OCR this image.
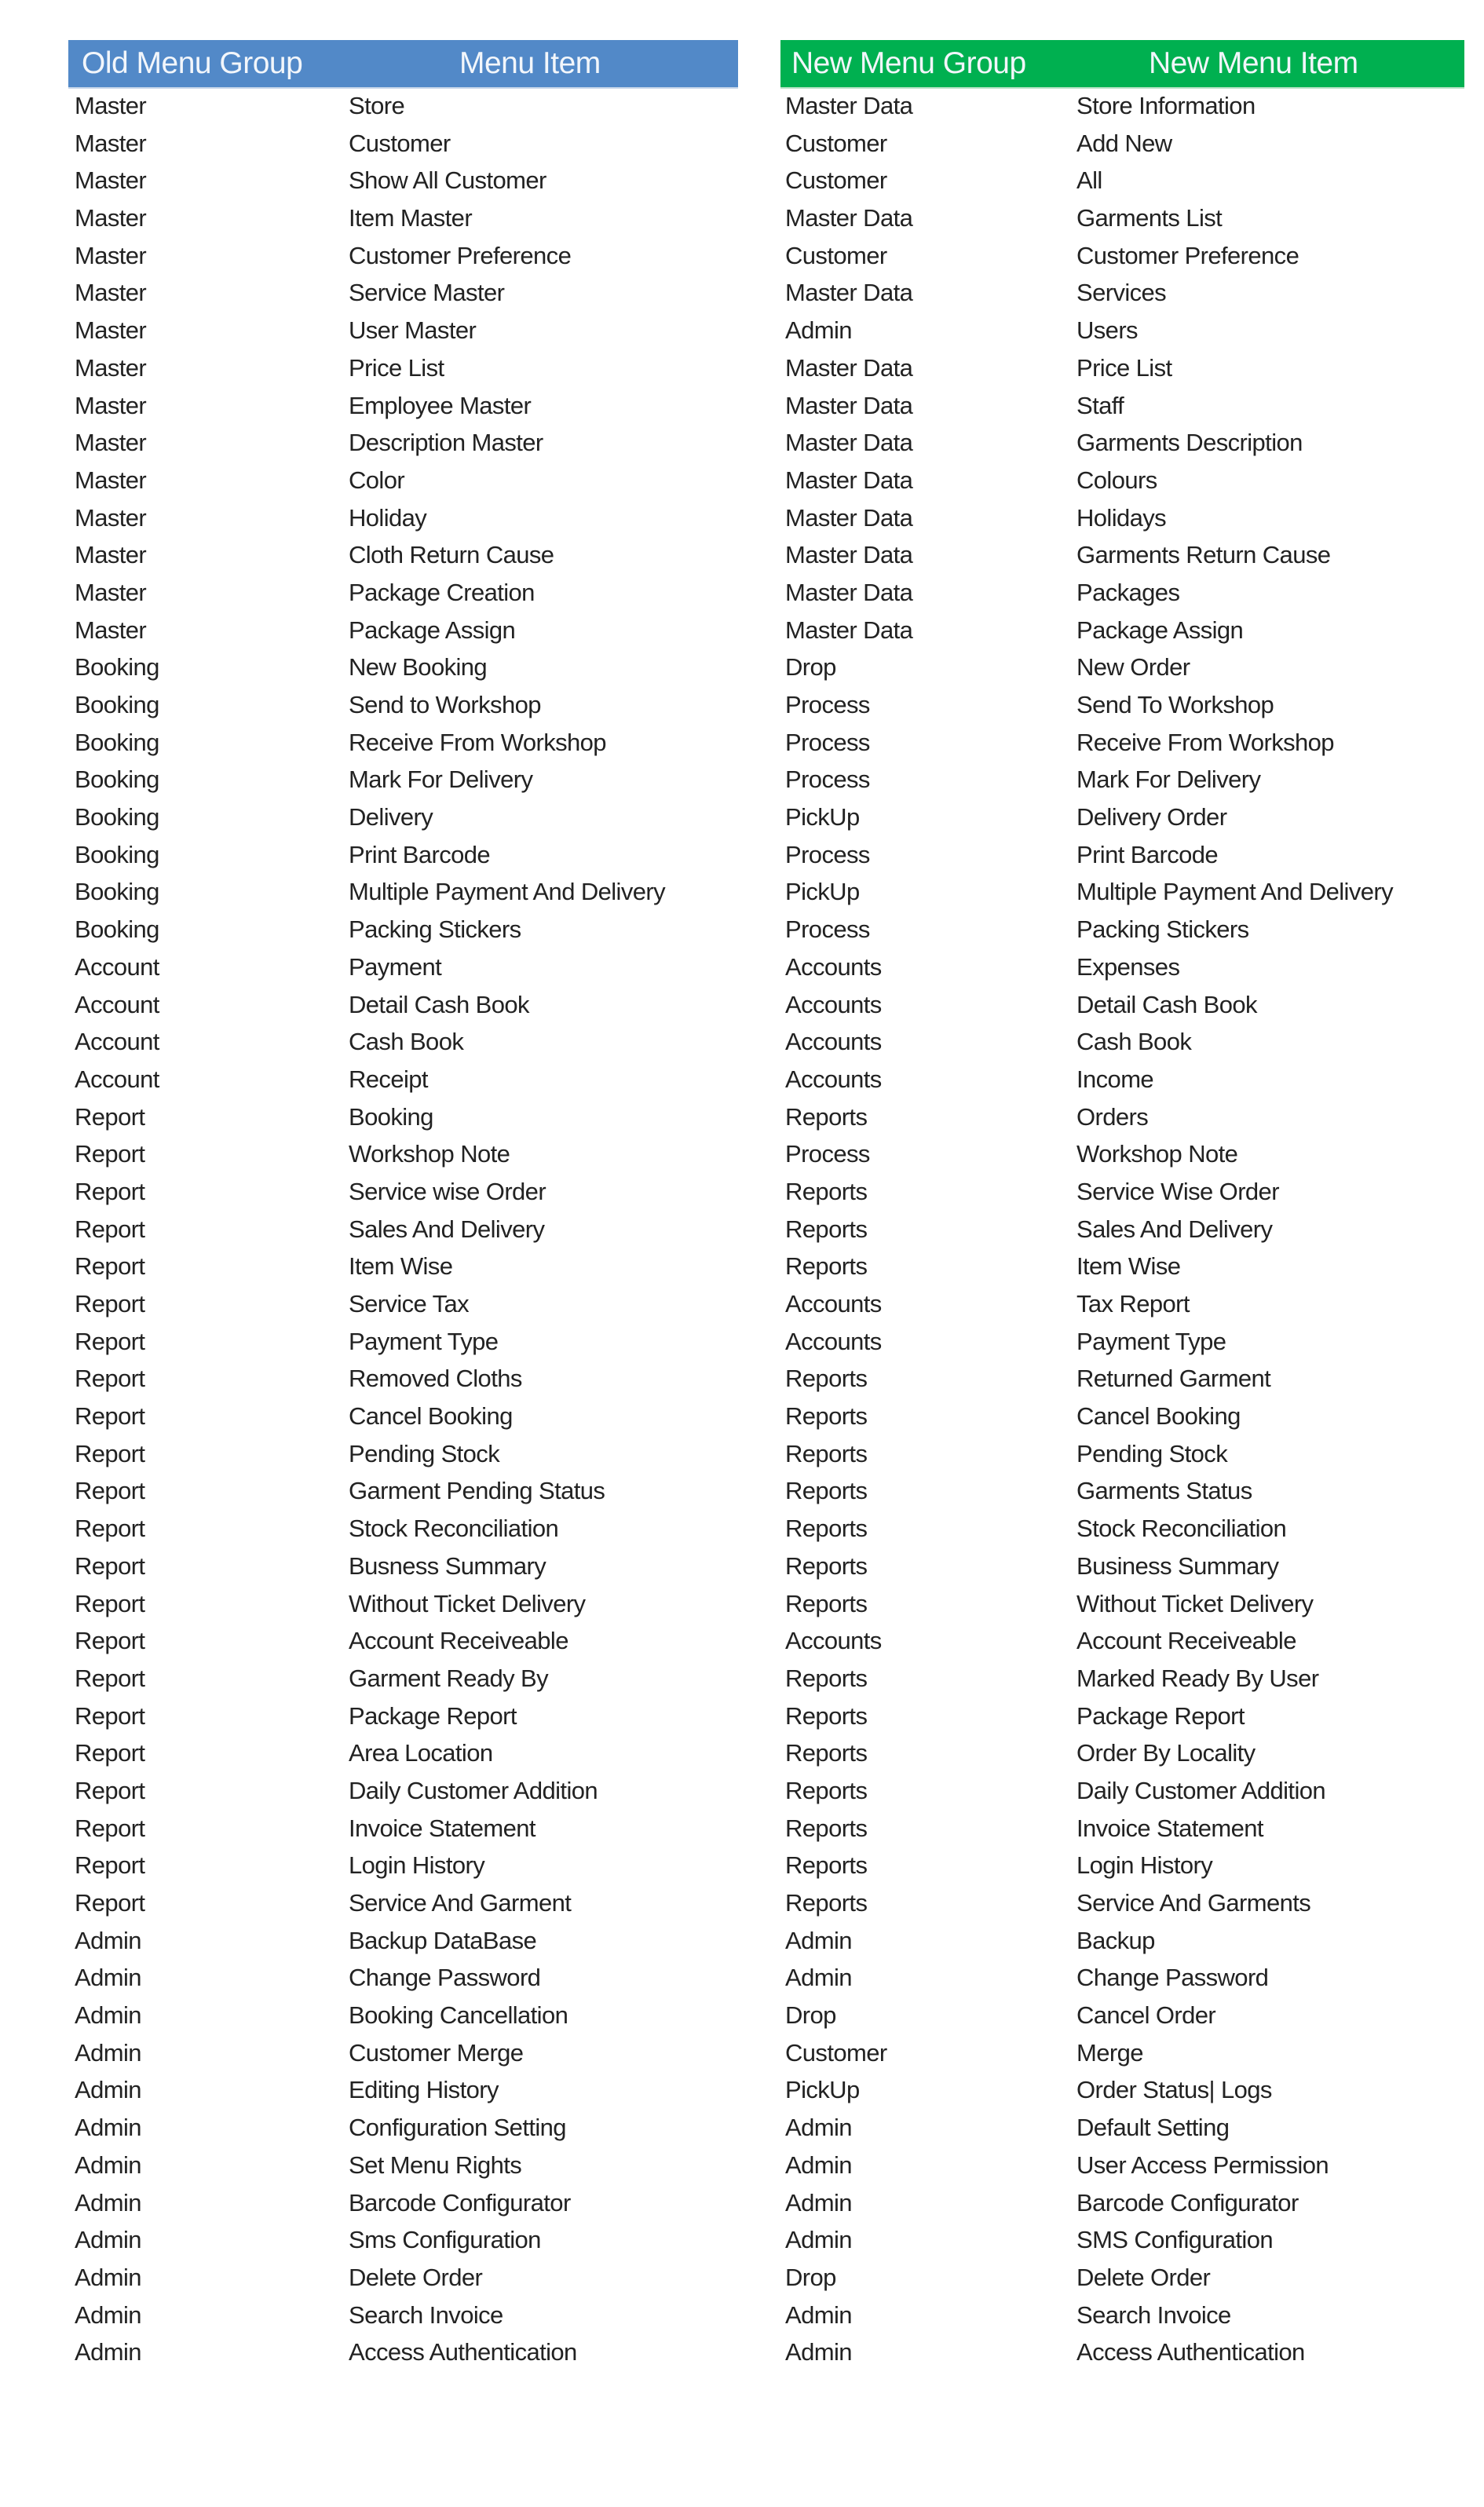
Old Menu Group	Menu Item
Master	Store
Master	Customer
Master	Show All Customer
Master	Item Master
Master	Customer Preference
Master	Service Master
Master	User Master
Master	Price List
Master	Employee Master
Master	Description Master
Master	Color
Master	Holiday
Master	Cloth Return Cause
Master	Package Creation
Master	Package Assign
Booking	New Booking
Booking	Send to Workshop
Booking	Receive From Workshop
Booking	Mark For Delivery
Booking	Delivery
Booking	Print Barcode
Booking	Multiple Payment And Delivery
Booking	Packing Stickers
Account	Payment
Account	Detail Cash Book
Account	Cash Book
Account	Receipt
Report	Booking
Report	Workshop Note
Report	Service wise Order
Report	Sales And Delivery
Report	Item Wise
Report	Service Tax
Report	Payment Type
Report	Removed Cloths
Report	Cancel Booking
Report	Pending Stock
Report	Garment Pending Status
Report	Stock Reconciliation
Report	Busness Summary
Report	Without Ticket Delivery
Report	Account Receiveable
Report	Garment Ready By
Report	Package Report
Report	Area Location
Report	Daily Customer Addition
Report	Invoice Statement
Report	Login History
Report	Service And Garment
Admin	Backup DataBase
Admin	Change Password
Admin	Booking Cancellation
Admin	Customer Merge
Admin	Editing History
Admin	Configuration Setting
Admin	Set Menu Rights
Admin	Barcode Configurator
Admin	Sms Configuration
Admin	Delete Order
Admin	Search Invoice
Admin	Access Authentication
New Menu Group	New Menu Item
Master Data	Store Information
Customer	Add New
Customer	All
Master Data	Garments List
Customer	Customer Preference
Master Data	Services
Admin	Users
Master Data	Price List
Master Data	Staff
Master Data	Garments Description
Master Data	Colours
Master Data	Holidays
Master Data	Garments Return Cause
Master Data	Packages
Master Data	Package Assign
Drop	New Order
Process	Send To Workshop
Process	Receive From Workshop
Process	Mark For Delivery
PickUp	Delivery Order
Process	Print Barcode
PickUp	Multiple Payment And Delivery
Process	Packing Stickers
Accounts	Expenses
Accounts	Detail Cash Book
Accounts	Cash Book
Accounts	Income
Reports	Orders
Process	Workshop Note
Reports	Service Wise Order
Reports	Sales And Delivery
Reports	Item Wise
Accounts	Tax Report
Accounts	Payment Type
Reports	Returned Garment
Reports	Cancel Booking
Reports	Pending Stock
Reports	Garments Status
Reports	Stock Reconciliation
Reports	Business Summary
Reports	Without Ticket Delivery
Accounts	Account Receiveable
Reports	Marked Ready By User
Reports	Package Report
Reports	Order By Locality
Reports	Daily Customer Addition
Reports	Invoice Statement
Reports	Login History
Reports	Service And Garments
Admin	Backup
Admin	Change Password
Drop	Cancel Order
Customer	Merge
PickUp	Order Status| Logs
Admin	Default Setting
Admin	User Access Permission
Admin	Barcode Configurator
Admin	SMS Configuration
Drop	Delete Order
Admin	Search Invoice
Admin	Access Authentication
